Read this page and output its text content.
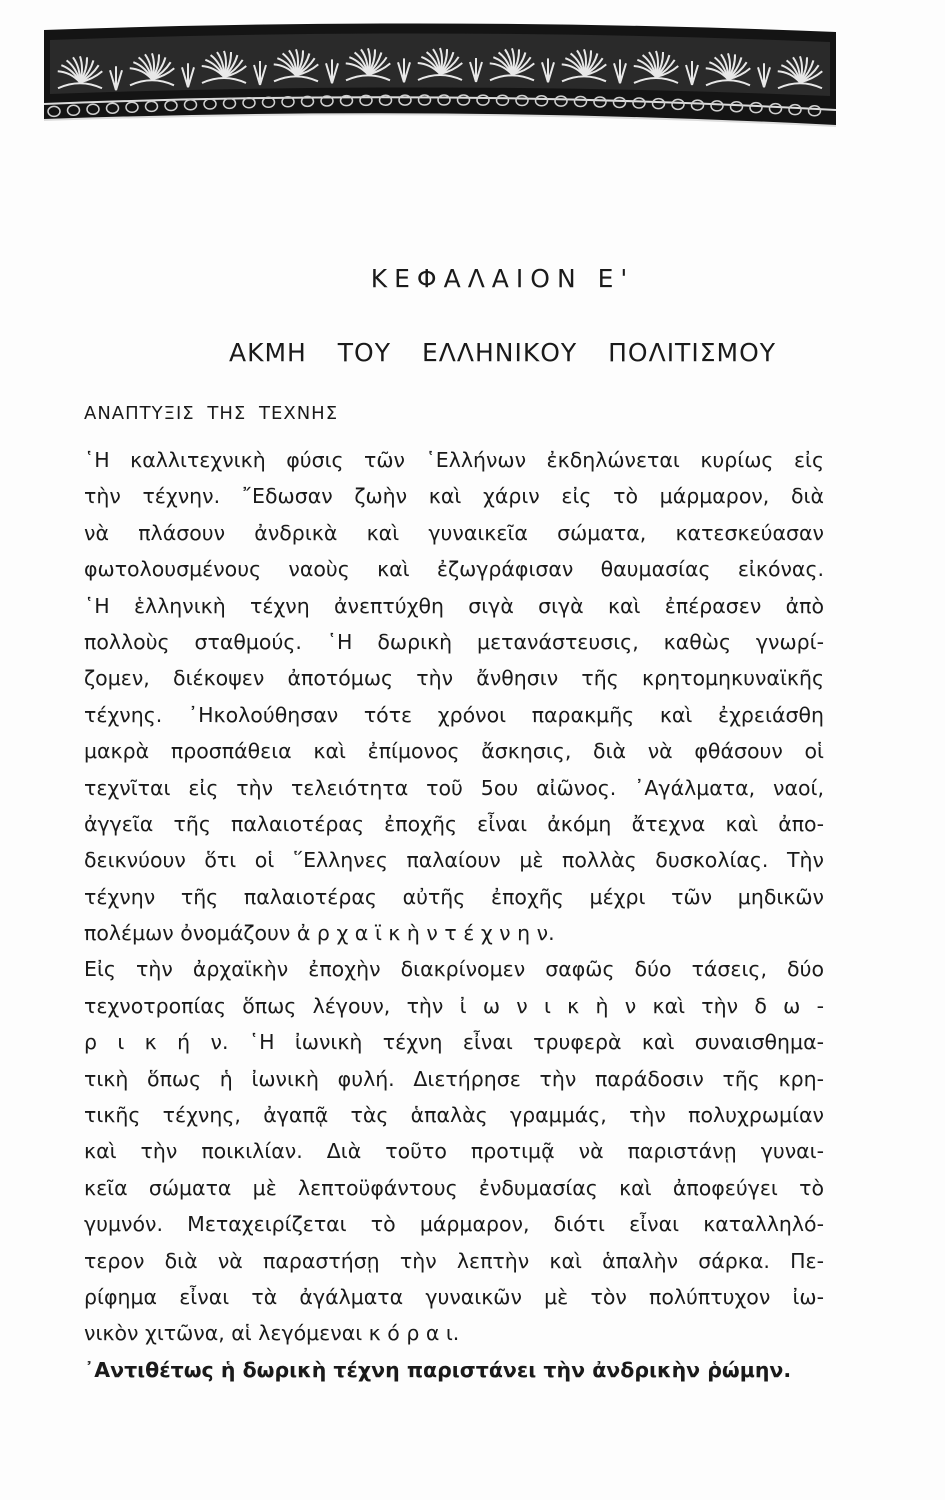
ΚΕΦΑΛΑΙΟΝ Ε'
ΑΚΜΗ ΤΟΥ ΕΛΛΗΝΙΚΟΥ ΠΟΛΙΤΙΣΜΟΥ
ΑΝΑΠΤΥΞΙΣ ΤΗΣ ΤΕΧΝΗΣ
῾Η καλλιτεχνικὴ φύσις τῶν ῾Ελλήνων ἐκδηλώνεται κυρίως εἰς
τὴν τέχνην. ῎Εδωσαν ζωὴν καὶ χάριν εἰς τὸ μάρμαρον, διὰ
νὰ πλάσουν ἀνδρικὰ καὶ γυναικεῖα σώματα, κατεσκεύασαν
φωτολουσμένους ναοὺς καὶ ἐζωγράφισαν θαυμασίας εἰκόνας.
῾Η ἑλληνικὴ τέχνη ἀνεπτύχθη σιγὰ σιγὰ καὶ ἐπέρασεν ἀπὸ
πολλοὺς σταθμούς. ῾Η δωρικὴ μετανάστευσις, καθὼς γνωρί-
ζομεν, διέκοψεν ἀποτόμως τὴν ἄνθησιν τῆς κρητομηκυναϊκῆς
τέχνης. ᾿Ηκολούθησαν τότε χρόνοι παρακμῆς καὶ ἐχρειάσθη
μακρὰ προσπάθεια καὶ ἐπίμονος ἄσκησις, διὰ νὰ φθάσουν οἱ
τεχνῖται εἰς τὴν τελειότητα τοῦ 5ου αἰῶνος. ᾿Αγάλματα, ναοί,
ἀγγεῖα τῆς παλαιοτέρας ἐποχῆς εἶναι ἀκόμη ἄτεχνα καὶ ἀπο-
δεικνύουν ὅτι οἱ ῞Ελληνες παλαίουν μὲ πολλὰς δυσκολίας. Τὴν
τέχνην τῆς παλαιοτέρας αὐτῆς ἐποχῆς μέχρι τῶν μηδικῶν
πολέμων ὀνομάζουν ἀ ρ χ α ϊ κ ὴ ν τ έ χ ν η ν.
Εἰς τὴν ἀρχαϊκὴν ἐποχὴν διακρίνομεν σαφῶς δύο τάσεις, δύο
τεχνοτροπίας ὅπως λέγουν, τὴν ἰ ω ν ι κ ὴ ν καὶ τὴν δ ω -
ρ ι κ ή ν. ῾Η ἰωνικὴ τέχνη εἶναι τρυφερὰ καὶ συναισθημα-
τικὴ ὅπως ἡ ἰωνικὴ φυλή. Διετήρησε τὴν παράδοσιν τῆς κρη-
τικῆς τέχνης, ἀγαπᾷ τὰς ἁπαλὰς γραμμάς, τὴν πολυχρωμίαν
καὶ τὴν ποικιλίαν. Διὰ τοῦτο προτιμᾷ νὰ παριστάνῃ γυναι-
κεῖα σώματα μὲ λεπτοϋφάντους ἐνδυμασίας καὶ ἀποφεύγει τὸ
γυμνόν. Μεταχειρίζεται τὸ μάρμαρον, διότι εἶναι καταλληλό-
τερον διὰ νὰ παραστήσῃ τὴν λεπτὴν καὶ ἁπαλὴν σάρκα. Πε-
ρίφημα εἶναι τὰ ἀγάλματα γυναικῶν μὲ τὸν πολύπτυχον ἰω-
νικὸν χιτῶνα, αἱ λεγόμεναι κ ό ρ α ι.
᾿Αντιθέτως ἡ δωρικὴ τέχνη παριστάνει τὴν ἀνδρικὴν ῥώμην.
